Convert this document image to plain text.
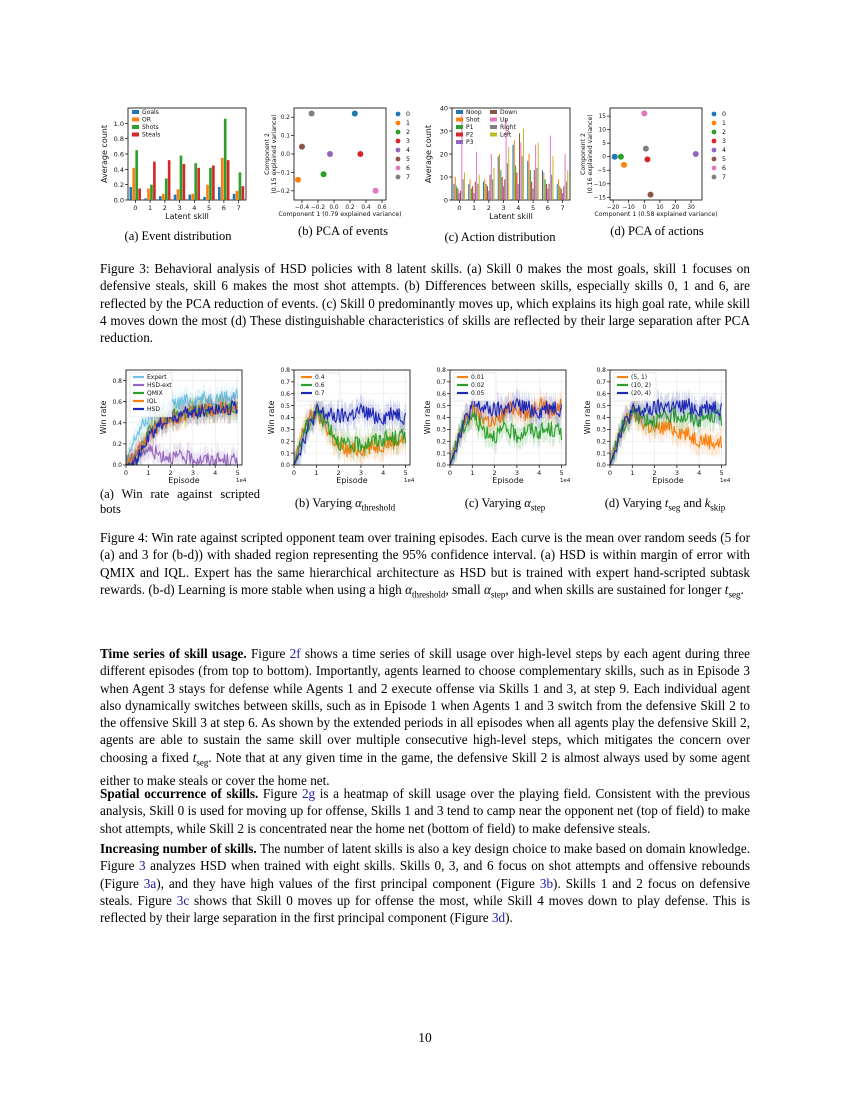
0.0
0.2
0.4
0.6
0.8
1.0
0 1 2 3 4 5 6 7
Latent skill
Average count
Goals
OR
Shots
Steals
−0.4 −0.2 0.0 0.2 0.4 0.6
−0.2
−0.1
0.0
0.1
0.2
Component 1 (0.79 explained variance)
Component 2 (0.15 explained variance)	0
1
2
3
4
5
6
7
0
10
20
30
40
0 1 2 3 4 5 6 7
Latent skill
Average count
Noop
Shot
P1
P2
P3
Down
Up
Right
Left
−20 −10 0 10 20 30
−15
−10
−5
0
5
10
15
Component 1 (0.58 explained variance)
Component 2 (0.16 explained variance)	0
1
2
3
4
5
6
7
(a) Event distribution	(b) PCA of events	(c) Action distribution	(d) PCA of actions
Figure 3: Behavioral analysis of HSD policies with 8 latent skills. (a) Skill 0 makes the most goals, skill 1 focuses on defensive steals, skill 6 makes the most shot attempts. (b) Differences between skills, especially skills 0, 1 and 6, are reflected by the PCA reduction of events. (c) Skill 0 predominantly moves up, which explains its high goal rate, while skill 4 moves down the most (d) These distinguishable characteristics of skills are reflected by their large separation after PCA reduction.
0.0
0.2
0.4
0.6
0.8
0	1	2	3	4	5
Episode	1e4
Win rate
Expert
HSD-ext
QMIX
IQL
HSD
0.0
0.1
0.2
0.3
0.4
0.5
0.6
0.7
0.8
0	1	2	3	4	5
Episode	1e4
Win rate
0.4
0.6
0.7
0.0
0.1
0.2
0.3
0.4
0.5
0.6
0.7
0.8
0	1	2	3	4	5
Episode	1e4
Win rate
0.01
0.02
0.05
0.0
0.1
0.2
0.3
0.4
0.5
0.6
0.7
0.8
0	1	2	3	4	5
Episode	1e4
Win rate
(5, 1)
(10, 2)
(20, 4)
(a) Win rate against scripted bots	(b) Varying $\alpha_{threshold}$	(c) Varying $\alpha_{step}$	(d) Varying $t_{seg}$ and $k_{skip}$
Figure 4: Win rate against scripted opponent team over training episodes. Each curve is the mean over random seeds (5 for (a) and 3 for (b-d)) with shaded region representing the 95% confidence interval. (a) HSD is within margin of error with QMIX and IQL. Expert has the same hierarchical architecture as HSD but is trained with expert hand-scripted subtask rewards. (b-d) Learning is more stable when using a high $\alpha_{threshold}$, small $\alpha_{step}$, and when skills are sustained for longer $t_{seg}$.
Time series of skill usage. Figure 2f shows a time series of skill usage over high-level steps by each agent during three different episodes (from top to bottom). Importantly, agents learned to choose complementary skills, such as in Episode 3 when Agent 3 stays for defense while Agents 1 and 2 execute offense via Skills 1 and 3, at step 9. Each individual agent also dynamically switches between skills, such as in Episode 1 when Agents 1 and 3 switch from the defensive Skill 2 to the offensive Skill 3 at step 6. As shown by the extended periods in all episodes when all agents play the defensive Skill 2, agents are able to sustain the same skill over multiple consecutive high-level steps, which mitigates the concern over choosing a fixed $t_{seg}$. Note that at any given time in the game, the defensive Skill 2 is almost always used by some agent either to make steals or cover the home net.
Spatial occurrence of skills. Figure 2g is a heatmap of skill usage over the playing field. Consistent with the previous analysis, Skill 0 is used for moving up for offense, Skills 1 and 3 tend to camp near the opponent net (top of field) to make shot attempts, while Skill 2 is concentrated near the home net (bottom of field) to make defensive steals.
Increasing number of skills. The number of latent skills is also a key design choice to make based on domain knowledge. Figure 3 analyzes HSD when trained with eight skills. Skills 0, 3, and 6 focus on shot attempts and offensive rebounds (Figure 3a), and they have high values of the first principal component (Figure 3b). Skills 1 and 2 focus on defensive steals. Figure 3c shows that Skill 0 moves up for offense the most, while Skill 4 moves down to play defense. This is reflected by their large separation in the first principal component (Figure 3d).
10
